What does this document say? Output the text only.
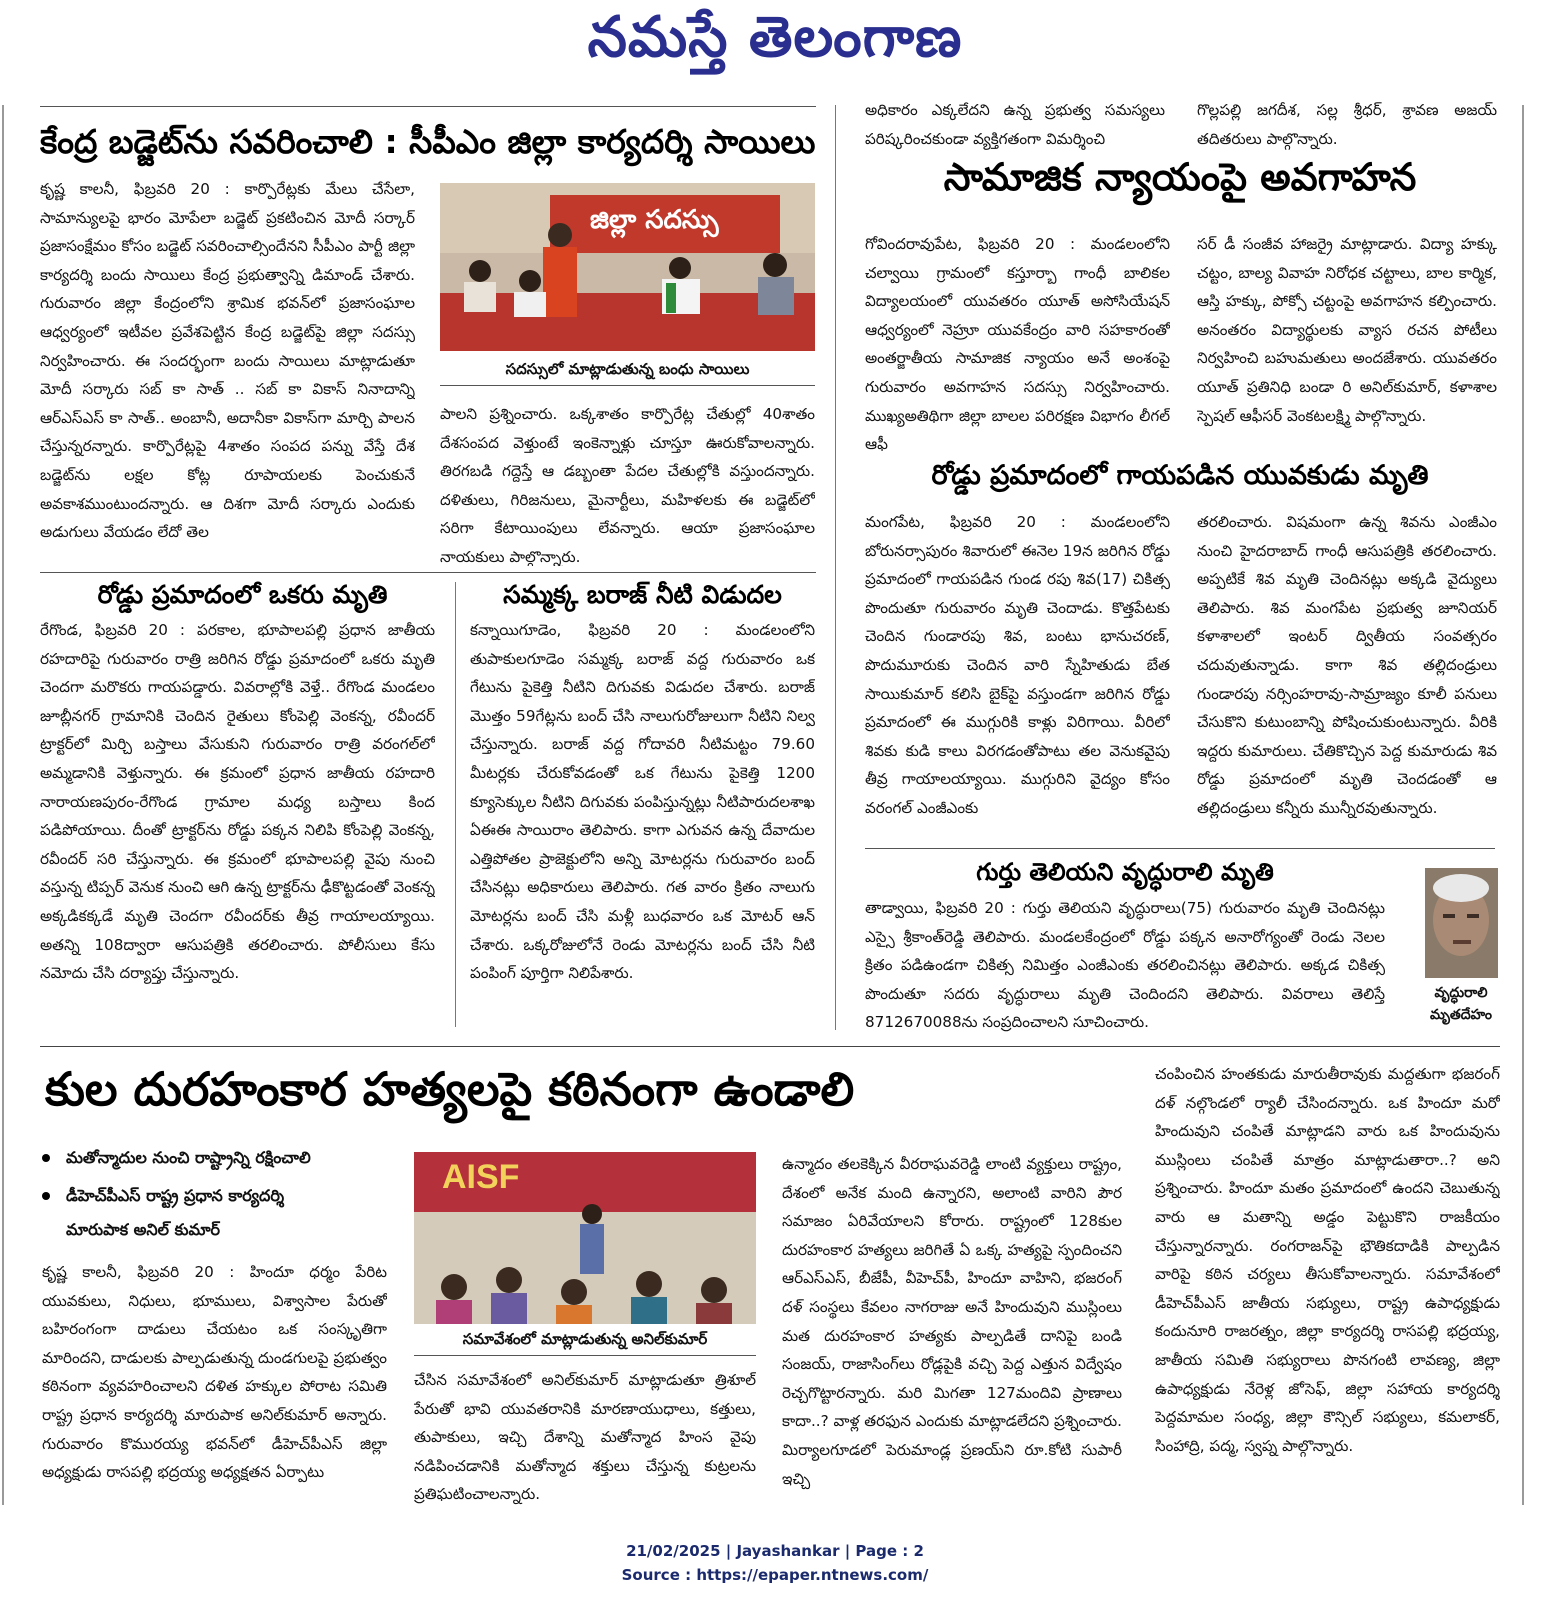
నమస్తే తెలంగాణ
కేంద్ర బడ్జెట్‌ను సవరించాలి : సీపీఎం జిల్లా కార్యదర్శి సాయిలు
కృష్ణ కాలనీ, ఫిబ్రవరి 20 : కార్పొరేట్లకు మేలు చేసేలా, సామాన్యులపై భారం మోపేలా బడ్జెట్‌ ప్రకటించిన మోదీ సర్కార్‌ ప్రజాసంక్షేమం కోసం బడ్జెట్‌ సవరించాల్సిందేనని సీపీఎం పార్టీ జిల్లా కార్యదర్శి బందు సాయిలు కేంద్ర ప్రభుత్వాన్ని డిమాండ్‌ చేశారు. గురువారం జిల్లా కేంద్రంలోని శ్రామిక భవన్‌లో ప్రజాసంఘాల ఆధ్వర్యంలో ఇటీవల ప్రవేశపెట్టిన కేంద్ర బడ్జెట్‌పై జిల్లా సదస్సు నిర్వహించారు. ఈ సందర్భంగా బందు సాయిలు మాట్లాడుతూ మోదీ సర్కారు సబ్‌ కా సాత్‌ .. సబ్‌ కా వికాస్‌ నినాదాన్ని ఆర్‌ఎస్‌ఎస్‌ కా సాత్‌.. అంబానీ, అదానీకా వికాస్‌గా మార్చి పాలన చేస్తున్నరన్నారు. కార్పొరేట్లపై 4శాతం సంపద పన్ను వేస్తే దేశ బడ్జెట్‌ను లక్షల కోట్ల రూపాయలకు పెంచుకునే అవకాశముంటుందన్నారు. ఆ దిశగా మోదీ సర్కారు ఎందుకు అడుగులు వేయడం లేదో తెల
జిల్లా సదస్సు
సదస్సులో మాట్లాడుతున్న బంధు సాయిలు
పాలని ప్రశ్నించారు. ఒక్కశాతం కార్పొరేట్ల చేతుల్లో 40శాతం దేశసంపద వెళ్తుంటే ఇంకెన్నాళ్లు చూస్తూ ఊరుకోవాలన్నారు. తిరగబడి గద్దెస్తే ఆ డబ్బంతా పేదల చేతుల్లోకి వస్తుందన్నారు. దళితులు, గిరిజనులు, మైనార్టీలు, మహిళలకు ఈ బడ్జెట్‌లో సరిగా కేటాయింపులు లేవన్నారు. ఆయా ప్రజాసంఘాల నాయకులు పాల్గొన్నారు.
రోడ్డు ప్రమాదంలో ఒకరు మృతి
రేగొండ, ఫిబ్రవరి 20 : పరకాల, భూపాలపల్లి ప్రధాన జాతీయ రహదారిపై గురువారం రాత్రి జరిగిన రోడ్డు ప్రమాదంలో ఒకరు మృతి చెందగా మరొకరు గాయపడ్డారు. వివరాల్లోకి వెళ్తే.. రేగొండ మండలం జూబ్లీనగర్‌ గ్రామానికి చెందిన రైతులు కోంపెల్లి వెంకన్న, రవీందర్‌ ట్రాక్టర్‌లో మిర్చి బస్తాలు వేసుకుని గురువారం రాత్రి వరంగల్‌లో అమ్మడానికి వెళ్తున్నారు. ఈ క్రమంలో ప్రధాన జాతీయ రహదారి నారాయణపురం-రేగొండ గ్రామాల మధ్య బస్తాలు కింద పడిపోయాయి. దీంతో ట్రాక్టర్‌ను రోడ్డు పక్కన నిలిపి కోంపెల్లి వెంకన్న, రవీందర్‌ సరి చేస్తున్నారు. ఈ క్రమంలో భూపాలపల్లి వైపు నుంచి వస్తున్న టిప్పర్‌ వెనుక నుంచి ఆగి ఉన్న ట్రాక్టర్‌ను ఢీకొట్టడంతో వెంకన్న అక్కడికక్కడే మృతి చెందగా రవీందర్‌కు తీవ్ర గాయాలయ్యాయి. అతన్ని 108ద్వారా ఆసుపత్రికి తరలించారు. పోలీసులు కేసు నమోదు చేసి దర్యాప్తు చేస్తున్నారు.
సమ్మక్క బరాజ్‌ నీటి విడుదల
కన్నాయిగూడెం, ఫిబ్రవరి 20 : మండలంలోని తుపాకులగూడెం సమ్మక్క బరాజ్‌ వద్ద గురువారం ఒక గేటును పైకెత్తి నీటిని దిగువకు విడుదల చేశారు. బరాజ్‌ మొత్తం 59గేట్లను బంద్‌ చేసి నాలుగురోజులుగా నీటిని నిల్వ చేస్తున్నారు. బరాజ్‌ వద్ద గోదావరి నీటిమట్టం 79.60 మీటర్లకు చేరుకోవడంతో ఒక గేటును పైకెత్తి 1200 క్యూసెక్కుల నీటిని దిగువకు పంపిస్తున్నట్లు నీటిపారుదలశాఖ ఏఈఈ సాయిరాం తెలిపారు. కాగా ఎగువన ఉన్న దేవాదుల ఎత్తిపోతల ప్రాజెక్టులోని అన్ని మోటర్లను గురువారం బంద్‌ చేసినట్లు అధికారులు తెలిపారు. గత వారం క్రితం నాలుగు మోటర్లను బంద్‌ చేసి మళ్లీ బుధవారం ఒక మోటర్‌ ఆన్‌ చేశారు. ఒక్కరోజులోనే రెండు మోటర్లను బంద్‌ చేసి నీటి పంపింగ్‌ పూర్తిగా నిలిపేశారు.
అధికారం ఎక్కలేదని ఉన్న ప్రభుత్వ సమస్యలు పరిష్కరించకుండా వ్యక్తిగతంగా విమర్శించి
గొల్లపల్లి జగదీశ, సల్ల శ్రీధర్‌, శ్రావణ అజయ్‌ తదితరులు పాల్గొన్నారు.
సామాజిక న్యాయంపై అవగాహన
గోవిందరావుపేట, ఫిబ్రవరి 20 : మండలంలోని చల్వాయి గ్రామంలో కస్తూర్బా గాంధీ బాలికల విద్యాలయంలో యువతరం యూత్‌ అసోసియేషన్‌ ఆధ్వర్యంలో నెహ్రూ యువకేంద్రం వారి సహకారంతో అంతర్జాతీయ సామాజిక న్యాయం అనే అంశంపై గురువారం అవగాహన సదస్సు నిర్వహించారు. ముఖ్యఅతిథిగా జిల్లా బాలల పరిరక్షణ విభాగం లీగల్‌ ఆఫీ
సర్‌ డీ సంజీవ హాజర్రై మాట్లాడారు. విద్యా హక్కు చట్టం, బాల్య వివాహ నిరోధక చట్టాలు, బాల కార్మిక, ఆస్తి హక్కు, పోక్సో చట్టంపై అవగాహన కల్పించారు. అనంతరం విద్యార్థులకు వ్యాస రచన పోటీలు నిర్వహించి బహుమతులు అందజేశారు. యువతరం యూత్‌ ప్రతినిధి బండా రి అనిల్‌కుమార్‌, కళాశాల స్పెషల్‌ ఆఫీసర్‌ వెంకటలక్ష్మి పాల్గొన్నారు.
రోడ్డు ప్రమాదంలో గాయపడిన యువకుడు మృతి
మంగపేట, ఫిబ్రవరి 20 : మండలంలోని బోరునర్సాపురం శివారులో ఈనెల 19న జరిగిన రోడ్డు ప్రమాదంలో గాయపడిన గుండ రపు శివ(17) చికిత్స పొందుతూ గురువారం మృతి చెందాడు. కొత్తపేటకు చెందిన గుండారపు శివ, బంటు భానుచరణ్‌, పొదుమూరుకు చెందిన వారి స్నేహితుడు బేత సాయికుమార్‌ కలిసి బైక్‌పై వస్తుండగా జరిగిన రోడ్డు ప్రమాదంలో ఈ ముగ్గురికి కాళ్లు విరిగాయి. వీరిలో శివకు కుడి కాలు విరగడంతోపాటు తల వెనుకవైపు తీవ్ర గాయాలయ్యాయి. ముగ్గురిని వైద్యం కోసం వరంగల్‌ ఎంజీఎంకు
తరలించారు. విషమంగా ఉన్న శివను ఎంజీఎం నుంచి హైదరాబాద్‌ గాంధీ ఆసుపత్రికి తరలించారు. అప్పటికే శివ మృతి చెందినట్లు అక్కడి వైద్యులు తెలిపారు. శివ మంగపేట ప్రభుత్వ జూనియర్‌ కళాశాలలో ఇంటర్‌ ద్వితీయ సంవత్సరం చదువుతున్నాడు. కాగా శివ తల్లిదండ్రులు గుండారపు నర్సింహరావు-సామ్రాజ్యం కూలీ పనులు చేసుకొని కుటుంబాన్ని పోషించుకుంటున్నారు. వీరికి ఇద్దరు కుమారులు. చేతికొచ్చిన పెద్ద కుమారుడు శివ రోడ్డు ప్రమాదంలో మృతి చెందడంతో ఆ తల్లిదండ్రులు కన్నీరు మున్నీరవుతున్నారు.
గుర్తు తెలియని వృద్ధురాలి మృతి
తాడ్వాయి, ఫిబ్రవరి 20 : గుర్తు తెలియని వృద్ధురాలు(75) గురువారం మృతి చెందినట్లు ఎస్సై శ్రీకాంత్‌రెడ్డి తెలిపారు. మండలకేంద్రంలో రోడ్డు పక్కన అనారోగ్యంతో రెండు నెలల క్రితం పడిఉండగా చికిత్స నిమిత్తం ఎంజీఎంకు తరలించినట్లు తెలిపారు. అక్కడ చికిత్స పొందుతూ సదరు వృద్ధురాలు మృతి చెందిందని తెలిపారు. వివరాలు తెలిస్తే 8712670088ను సంప్రదించాలని సూచించారు.
వృద్ధురాలి
మృతదేహం
కుల దురహంకార హత్యలపై కఠినంగా ఉండాలి
మతోన్మాదుల నుంచి రాష్ట్రాన్ని రక్షించాలి
డీహెచ్‌పీఎస్‌ రాష్ట్ర ప్రధాన కార్యదర్శి
మారుపాక అనిల్‌ కుమార్‌
కృష్ణ కాలనీ, ఫిబ్రవరి 20 : హిందూ ధర్మం పేరిట యువకులు, నిధులు, భూములు, విశ్వాసాల పేరుతో బహిరంగంగా దాడులు చేయటం ఒక సంస్కృతిగా మారిందని, దాడులకు పాల్పడుతున్న దుండగులపై ప్రభుత్వం కఠినంగా వ్యవహరించాలని దళిత హక్కుల పోరాట సమితి రాష్ట్ర ప్రధాన కార్యదర్శి మారుపాక అనిల్‌కుమార్‌ అన్నారు. గురువారం కొమురయ్య భవన్‌లో డీహెచ్‌పీఎస్‌ జిల్లా అధ్యక్షుడు రాసపల్లి భద్రయ్య అధ్యక్షతన ఏర్పాటు
AISF
సమావేశంలో మాట్లాడుతున్న అనిల్‌కుమార్‌
చేసిన సమావేశంలో అనిల్‌కుమార్‌ మాట్లాడుతూ త్రిశూల్‌ పేరుతో భావి యువతరానికి మారణాయుధాలు, కత్తులు, తుపాకులు, ఇచ్చి దేశాన్ని మతోన్మాద హింస వైపు నడిపించడానికి మతోన్మాద శక్తులు చేస్తున్న కుట్రలను ప్రతిఘటించాలన్నారు.
ఉన్మాదం తలకెక్కిన వీరరాఘవరెడ్డి లాంటి వ్యక్తులు రాష్ట్రం, దేశంలో అనేక మంది ఉన్నారని, అలాంటి వారిని పౌర సమాజం ఏరివేయాలని కోరారు. రాష్ట్రంలో 128కుల దురహంకార హత్యలు జరిగితే ఏ ఒక్క హత్యపై స్పందించని ఆర్‌ఎస్‌ఎస్‌, బీజేపీ, వీహెచ్‌పీ, హిందూ వాహిని, భజరంగ్‌ దళ్‌ సంస్థలు కేవలం నాగరాజు అనే హిందువుని ముస్లింలు మత దురహంకార హత్యకు పాల్పడితే దానిపై బండి సంజయ్‌, రాజాసింగ్‌లు రోడ్లపైకి వచ్చి పెద్ద ఎత్తున విద్వేషం రెచ్చగొట్టారన్నారు. మరి మిగతా 127మందివి ప్రాణాలు కాదా..? వాళ్ల తరఫున ఎందుకు మాట్లాడలేదని ప్రశ్నించారు. మిర్యాలగూడలో పెరుమాండ్ల ప్రణయ్‌ని రూ.కోటి సుపారీ ఇచ్చి
చంపించిన హంతకుడు మారుతీరావుకు మద్దతుగా భజరంగ్‌ దళ్‌ నల్గొండలో ర్యాలీ చేసిందన్నారు. ఒక హిందూ మరో హిందువుని చంపితే మాట్లాడని వారు ఒక హిందువును ముస్లింలు చంపితే మాత్రం మాట్లాడుతారా..? అని ప్రశ్నించారు. హిందూ మతం ప్రమాదంలో ఉందని చెబుతున్న వారు ఆ మతాన్ని అడ్డం పెట్టుకొని రాజకీయం చేస్తున్నారన్నారు. రంగరాజన్‌పై భౌతికదాడికి పాల్పడిన వారిపై కఠిన చర్యలు తీసుకోవాలన్నారు. సమావేశంలో డీహెచ్‌పీఎస్‌ జాతీయ సభ్యులు, రాష్ట్ర ఉపాధ్యక్షుడు కందునూరి రాజరత్నం, జిల్లా కార్యదర్శి రాసపల్లి భద్రయ్య, జాతీయ సమితి సభ్యురాలు పొనగంటి లావణ్య, జిల్లా ఉపాధ్యక్షుడు నేరెళ్ల జోసెఫ్‌, జిల్లా సహాయ కార్యదర్శి పెద్దమామల సంధ్య, జిల్లా కౌన్సిల్‌ సభ్యులు, కమలాకర్‌, సింహాద్రి, పద్మ, స్వప్న పాల్గొన్నారు.
21/02/2025 | Jayashankar | Page : 2
Source : https://epaper.ntnews.com/
